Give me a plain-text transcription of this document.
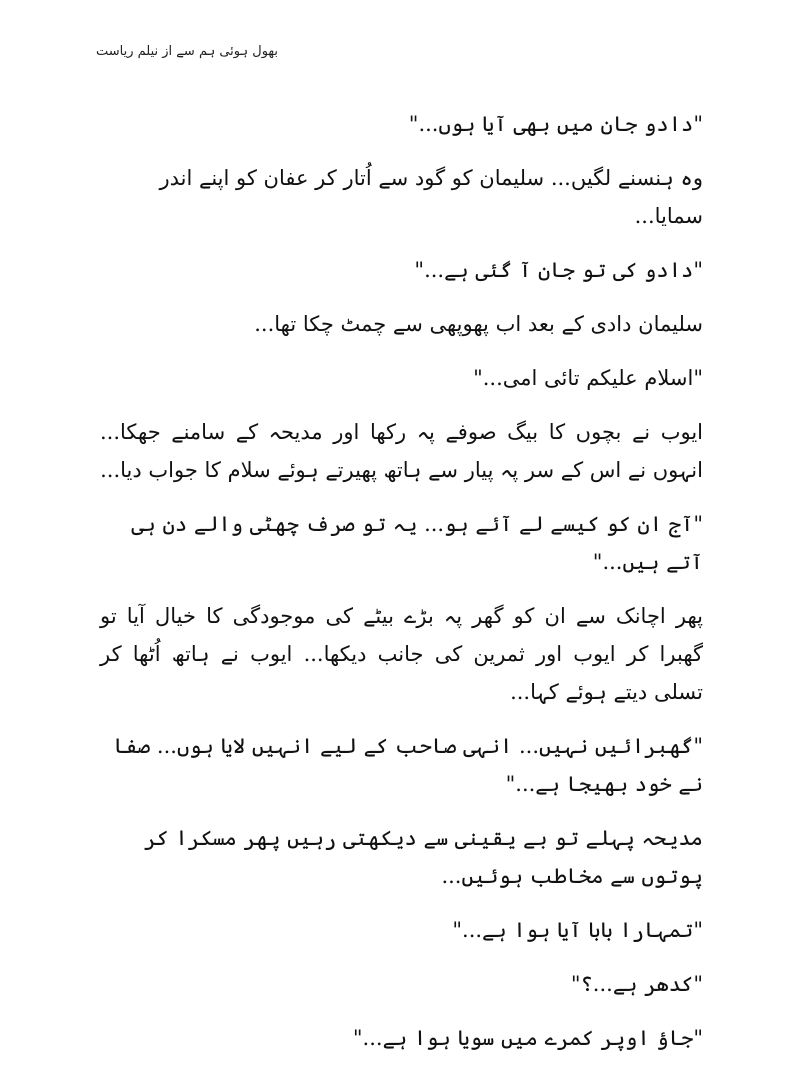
بھول ہوئی ہم سے از نیلم ریاست

"دادو جان میں بھی آیا ہوں..."

وہ ہنسنے لگیں... سلیمان کو گود سے اُتار کر عفان کو اپنے اندر سمایا...

"دادو کی تو جان آ گئی ہے..."

سلیمان دادی کے بعد اب پھوپھی سے چمٹ چکا تھا...

"اسلام علیکم تائی امی..."

ایوب نے بچوں کا بیگ صوفے پہ رکھا اور مدیحہ کے سامنے جھکا... انہوں نے اس کے سر پہ پیار سے ہاتھ پھیرتے ہوئے سلام کا جواب دیا...

"آج ان کو کیسے لے آئے ہو... یہ تو صرف چھٹی والے دن ہی آتے ہیں..."

پھر اچانک سے ان کو گھر پہ بڑے بیٹے کی موجودگی کا خیال آیا تو گھبرا کر ایوب اور ثمرین کی جانب دیکھا... ایوب نے ہاتھ اُٹھا کر تسلی دیتے ہوئے کہا...

"گھبرائیں نہیں... انہی صاحب کے لیے انہیں لایا ہوں... صفا نے خود بھیجا ہے..."

مدیحہ پہلے تو بے یقینی سے دیکھتی رہیں پھر مسکرا کر پوتوں سے مخاطب ہوئیں...

"تمہارا بابا آیا ہوا ہے..."

"کدھر ہے...؟"

"جاؤ اوپر کمرے میں سویا ہوا ہے..."
